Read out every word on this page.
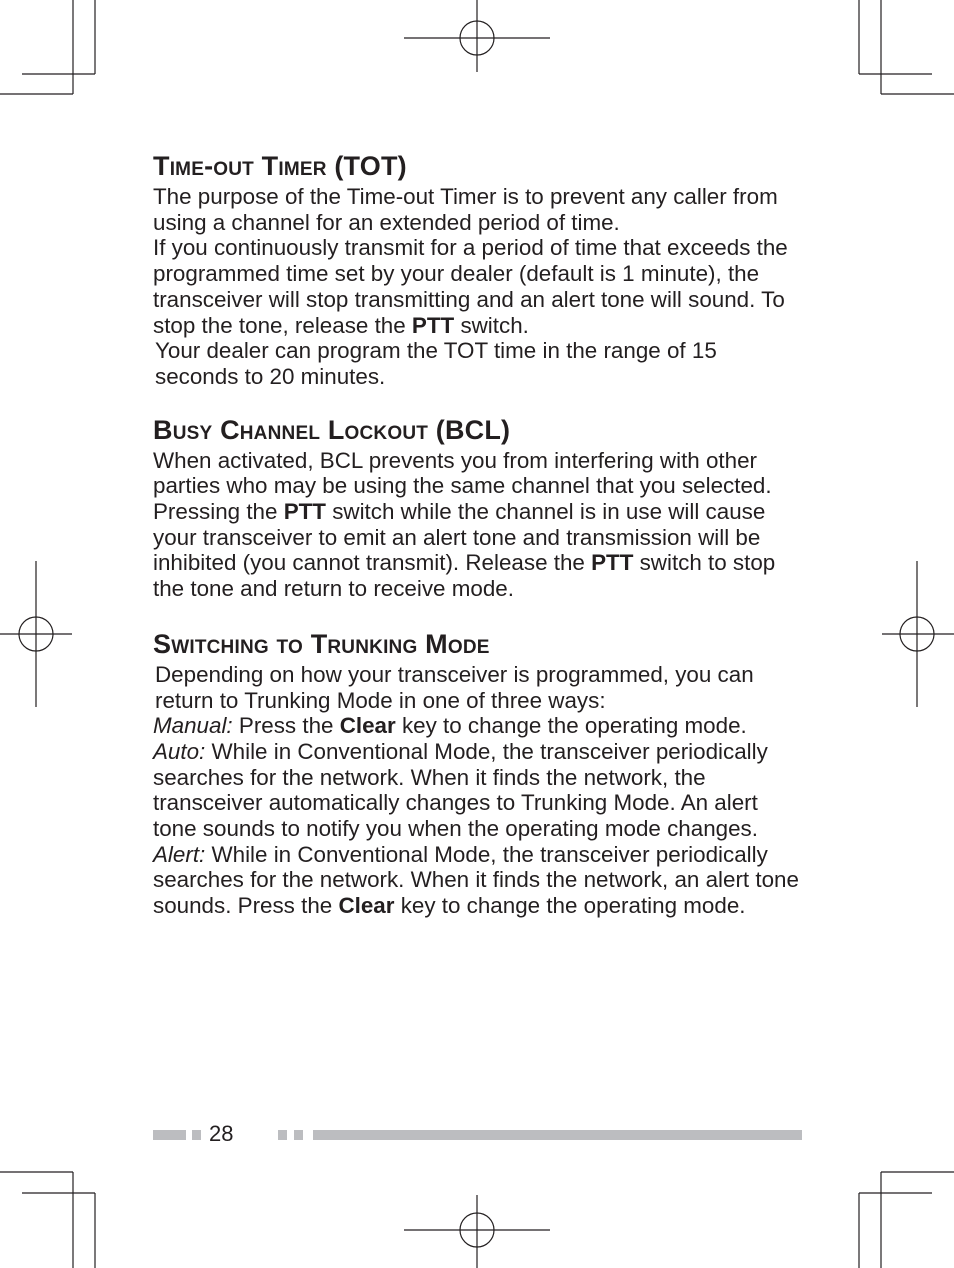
Time-out Timer (TOT)

The purpose of the Time-out Timer is to prevent any caller from using a channel for an extended period of time.

If you continuously transmit for a period of time that exceeds the programmed time set by your dealer (default is 1 minute), the transceiver will stop transmitting and an alert tone will sound. To stop the tone, release the PTT switch.

Your dealer can program the TOT time in the range of 15 seconds to 20 minutes.

Busy Channel Lockout (BCL)

When activated, BCL prevents you from interfering with other parties who may be using the same channel that you selected.

Pressing the PTT switch while the channel is in use will cause your transceiver to emit an alert tone and transmission will be inhibited (you cannot transmit). Release the PTT switch to stop the tone and return to receive mode.

Switching to Trunking Mode

Depending on how your transceiver is programmed, you can return to Trunking Mode in one of three ways:

Manual: Press the Clear key to change the operating mode.

Auto: While in Conventional Mode, the transceiver periodically searches for the network. When it finds the network, the transceiver automatically changes to Trunking Mode. An alert tone sounds to notify you when the operating mode changes.

Alert: While in Conventional Mode, the transceiver periodically searches for the network. When it finds the network, an alert tone sounds. Press the Clear key to change the operating mode.

28
